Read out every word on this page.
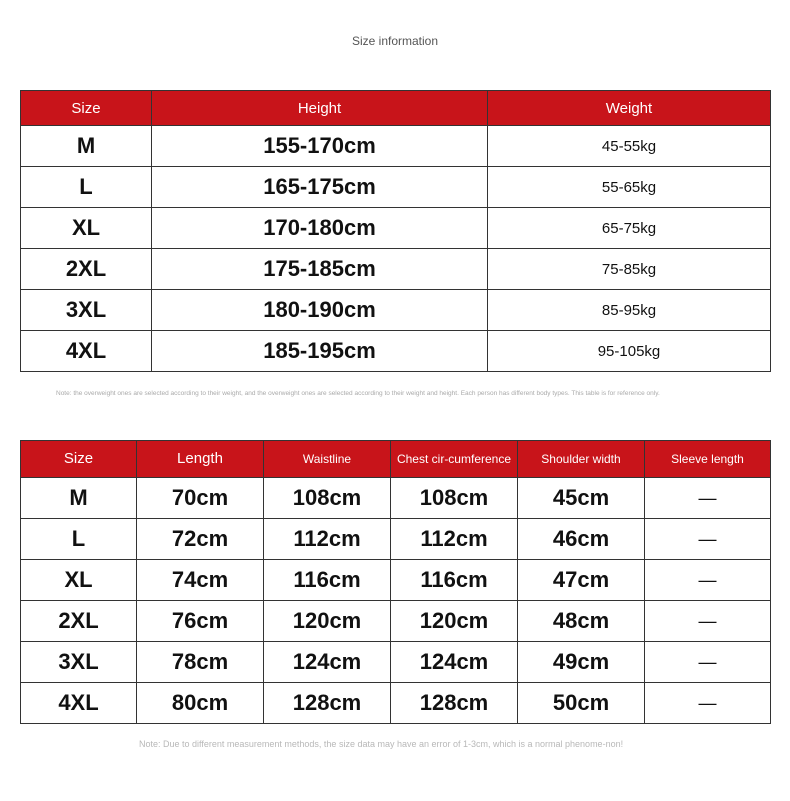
Size information
Size	Height	Weight
M	155-170cm	45-55kg
L	165-175cm	55-65kg
XL	170-180cm	65-75kg
2XL	175-185cm	75-85kg
3XL	180-190cm	85-95kg
4XL	185-195cm	95-105kg
Note: the overweight ones are selected according to their weight, and the overweight ones are selected according to their weight and height. Each person has different body types. This table is for reference only.
Size	Length	Waistline	Chest cir-cumference	Shoulder width	Sleeve length
M	70cm	108cm	108cm	45cm	—
L	72cm	112cm	112cm	46cm	—
XL	74cm	116cm	116cm	47cm	—
2XL	76cm	120cm	120cm	48cm	—
3XL	78cm	124cm	124cm	49cm	—
4XL	80cm	128cm	128cm	50cm	—
Note: Due to different measurement methods, the size data may have an error of 1-3cm, which is a normal phenome-non!
